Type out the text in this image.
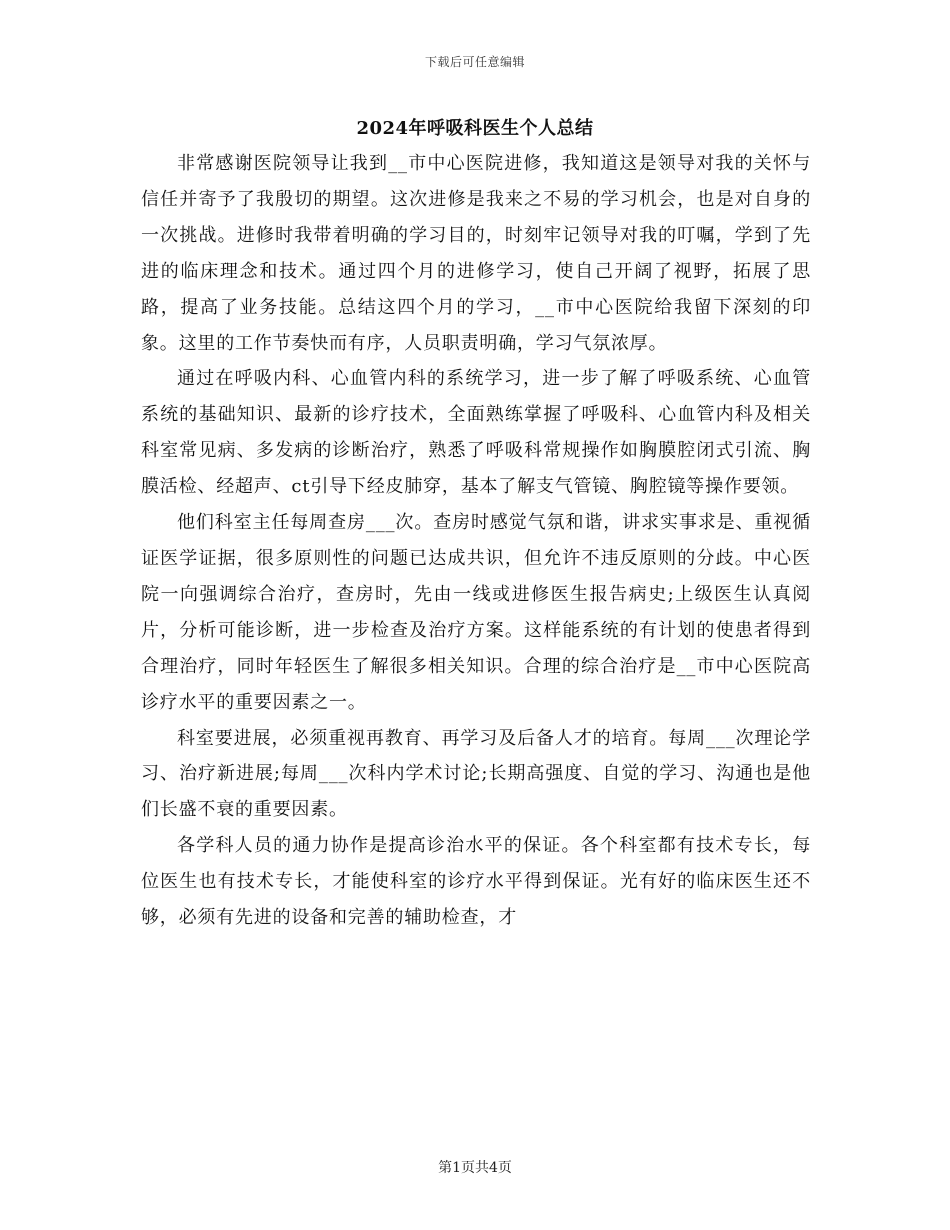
下载后可任意编辑
2024年呼吸科医生个人总结

非常感谢医院领导让我到__市中心医院进修，我知道这是领导对我的关怀与信任并寄予了我殷切的期望。这次进修是我来之不易的学习机会，也是对自身的一次挑战。进修时我带着明确的学习目的，时刻牢记领导对我的叮嘱，学到了先进的临床理念和技术。通过四个月的进修学习，使自己开阔了视野，拓展了思路，提高了业务技能。总结这四个月的学习，__市中心医院给我留下深刻的印象。这里的工作节奏快而有序，人员职责明确，学习气氛浓厚。

通过在呼吸内科、心血管内科的系统学习，进一步了解了呼吸系统、心血管系统的基础知识、最新的诊疗技术，全面熟练掌握了呼吸科、心血管内科及相关科室常见病、多发病的诊断治疗，熟悉了呼吸科常规操作如胸膜腔闭式引流、胸膜活检、经超声、ct引导下经皮肺穿，基本了解支气管镜、胸腔镜等操作要领。

他们科室主任每周查房___次。查房时感觉气氛和谐，讲求实事求是、重视循证医学证据，很多原则性的问题已达成共识，但允许不违反原则的分歧。中心医院一向强调综合治疗，查房时，先由一线或进修医生报告病史;上级医生认真阅片，分析可能诊断，进一步检查及治疗方案。这样能系统的有计划的使患者得到合理治疗，同时年轻医生了解很多相关知识。合理的综合治疗是__市中心医院高诊疗水平的重要因素之一。

科室要进展，必须重视再教育、再学习及后备人才的培育。每周___次理论学习、治疗新进展;每周___次科内学术讨论;长期高强度、自觉的学习、沟通也是他们长盛不衰的重要因素。

各学科人员的通力协作是提高诊治水平的保证。各个科室都有技术专长，每位医生也有技术专长，才能使科室的诊疗水平得到保证。光有好的临床医生还不够，必须有先进的设备和完善的辅助检查，才

第1页共4页
